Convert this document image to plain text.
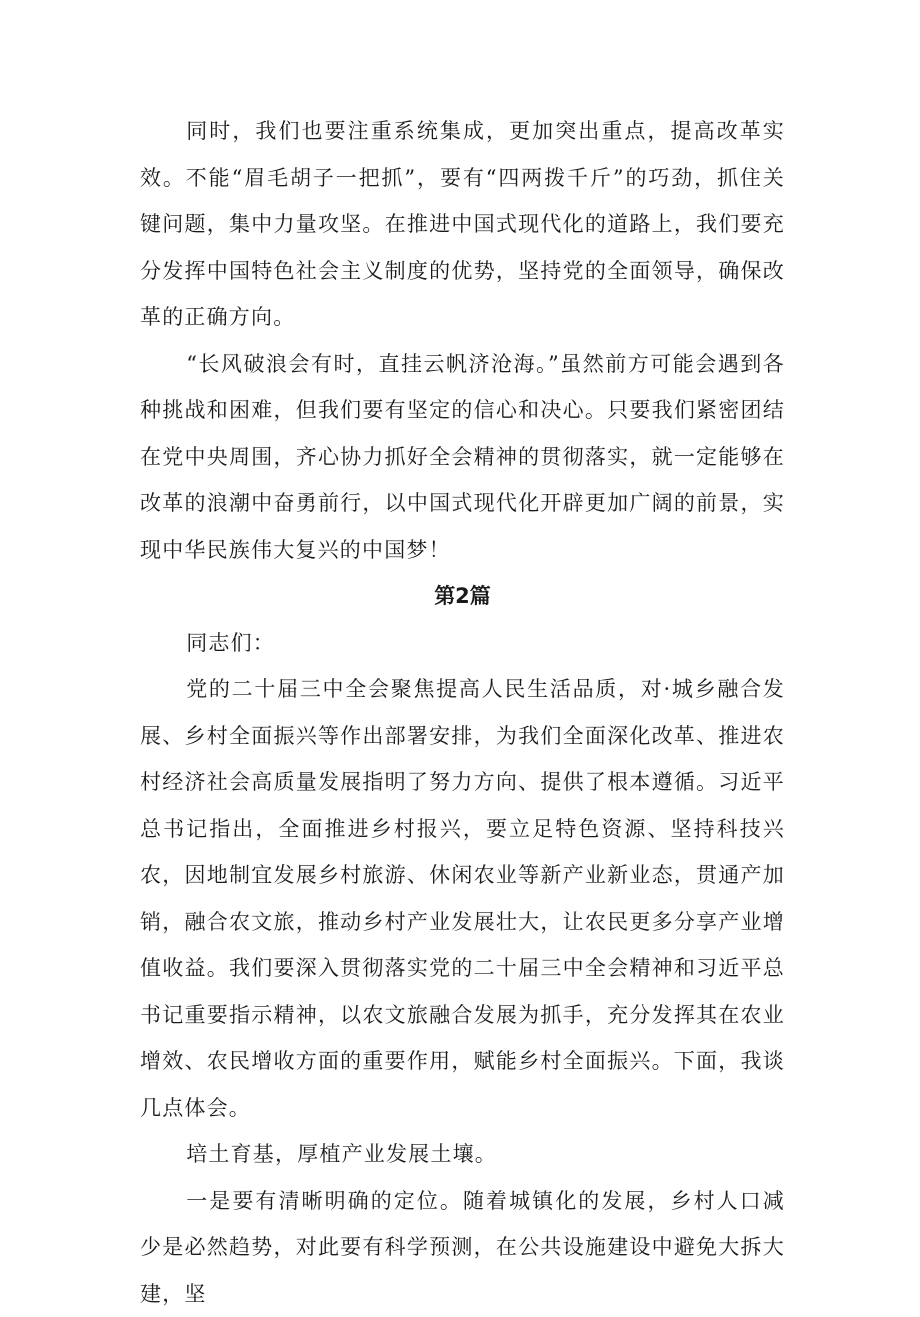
同时，我们也要注重系统集成，更加突出重点，提高改革实效。不能“眉毛胡子一把抓”，要有“四两拨千斤”的巧劲，抓住关键问题，集中力量攻坚。在推进中国式现代化的道路上，我们要充分发挥中国特色社会主义制度的优势，坚持党的全面领导，确保改革的正确方向。

“长风破浪会有时，直挂云帆济沧海。”虽然前方可能会遇到各种挑战和困难，但我们要有坚定的信心和决心。只要我们紧密团结在党中央周围，齐心协力抓好全会精神的贯彻落实，就一定能够在改革的浪潮中奋勇前行，以中国式现代化开辟更加广阔的前景，实现中华民族伟大复兴的中国梦！

第2篇

同志们：

党的二十届三中全会聚焦提高人民生活品质，对·城乡融合发展、乡村全面振兴等作出部署安排，为我们全面深化改革、推进农村经济社会高质量发展指明了努力方向、提供了根本遵循。习近平总书记指出，全面推进乡村报兴，要立足特色资源、坚持科技兴农，因地制宜发展乡村旅游、休闲农业等新产业新业态，贯通产加销，融合农文旅，推动乡村产业发展壮大，让农民更多分享产业增值收益。我们要深入贯彻落实党的二十届三中全会精神和习近平总书记重要指示精神，以农文旅融合发展为抓手，充分发挥其在农业增效、农民增收方面的重要作用，赋能乡村全面振兴。下面，我谈几点体会。

培土育基，厚植产业发展土壤。

一是要有清晰明确的定位。随着城镇化的发展，乡村人口减少是必然趋势，对此要有科学预测，在公共设施建设中避免大拆大建，坚
